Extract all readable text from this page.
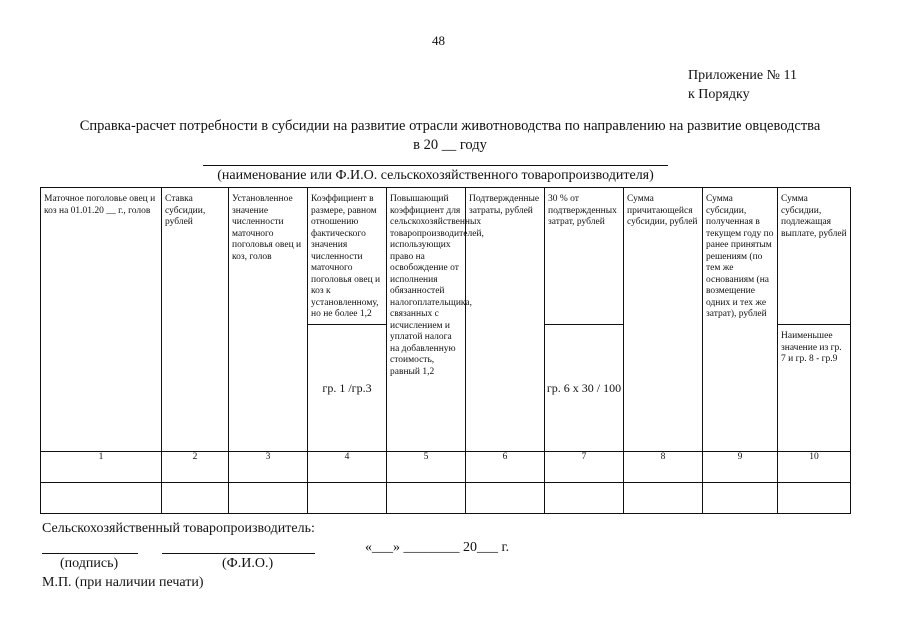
48
Приложение № 11
к Порядку
Справка-расчет потребности в субсидии на развитие отрасли животноводства по направлению на развитие овцеводства
в 20 __ году
(наименование или Ф.И.О. сельскохозяйственного товаропроизводителя)
Маточное поголовье овец и коз на 01.01.20 __ г., голов	Ставка субсидии, рублей	Установленное значение численности маточного поголовья овец и коз, голов	Коэффициент в размере, равном отношению фактического значения численности маточного поголовья овец и коз к установленному, но не более 1,2	Повышающий коэффициент для сельскохозяйственных товаропроизводителей, использующих право на освобождение от исполнения обязанностей налогоплательщика, связанных с исчислением и уплатой налога на добавленную стоимость, равный 1,2	Подтвержденные затраты, рублей	30 % от подтвержденных затрат, рублей	Сумма причитающейся субсидии, рублей	Сумма субсидии, полученная в текущем году по ранее принятым решениям (по тем же основаниям (на возмещение одних и тех же затрат), рублей	Сумма субсидии, подлежащая выплате, рублей
			гр. 1 /гр.3			гр. 6 x 30 / 100			Наименьшее значение из гр. 7 и гр. 8 - гр.9
1	2	3	4	5	6	7	8	9	10

Сельскохозяйственный товаропроизводитель:
(подпись)	(Ф.И.О.)
«___» ________ 20___ г.
М.П. (при наличии печати)
